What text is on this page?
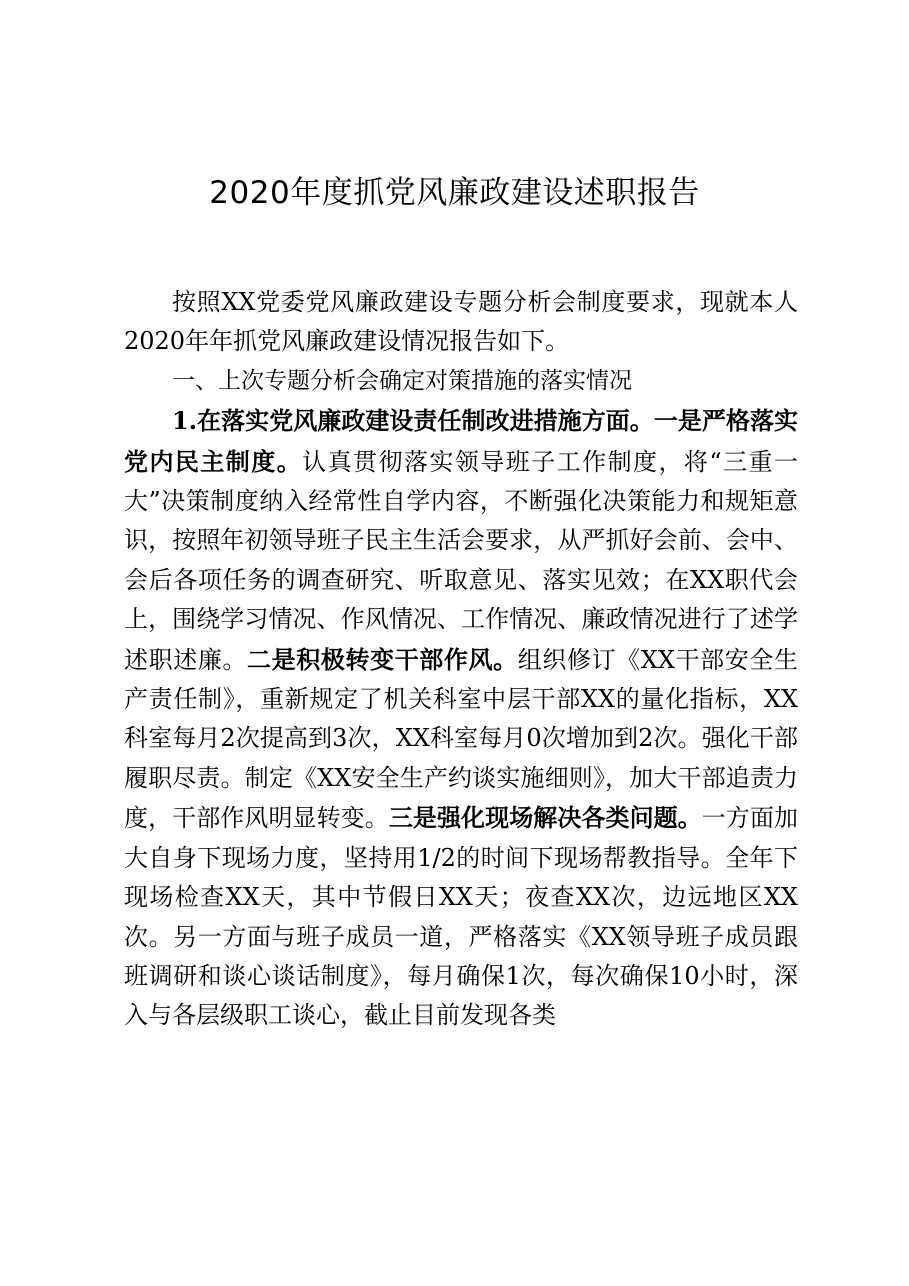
2020年度抓党风廉政建设述职报告

按照XX党委党风廉政建设专题分析会制度要求，现就本人2020年年抓党风廉政建设情况报告如下。

一、上次专题分析会确定对策措施的落实情况

1.在落实党风廉政建设责任制改进措施方面。一是严格落实党内民主制度。认真贯彻落实领导班子工作制度，将“三重一大”决策制度纳入经常性自学内容，不断强化决策能力和规矩意识，按照年初领导班子民主生活会要求，从严抓好会前、会中、会后各项任务的调查研究、听取意见、落实见效；在XX职代会上，围绕学习情况、作风情况、工作情况、廉政情况进行了述学述职述廉。二是积极转变干部作风。组织修订《XX干部安全生产责任制》，重新规定了机关科室中层干部XX的量化指标，XX科室每月2次提高到3次，XX科室每月0次增加到2次。强化干部履职尽责。制定《XX安全生产约谈实施细则》，加大干部追责力度，干部作风明显转变。三是强化现场解决各类问题。一方面加大自身下现场力度，坚持用1/2的时间下现场帮教指导。全年下现场检查XX天，其中节假日XX天；夜查XX次，边远地区XX次。另一方面与班子成员一道，严格落实《XX领导班子成员跟班调研和谈心谈话制度》，每月确保1次，每次确保10小时，深入与各层级职工谈心，截止目前发现各类
